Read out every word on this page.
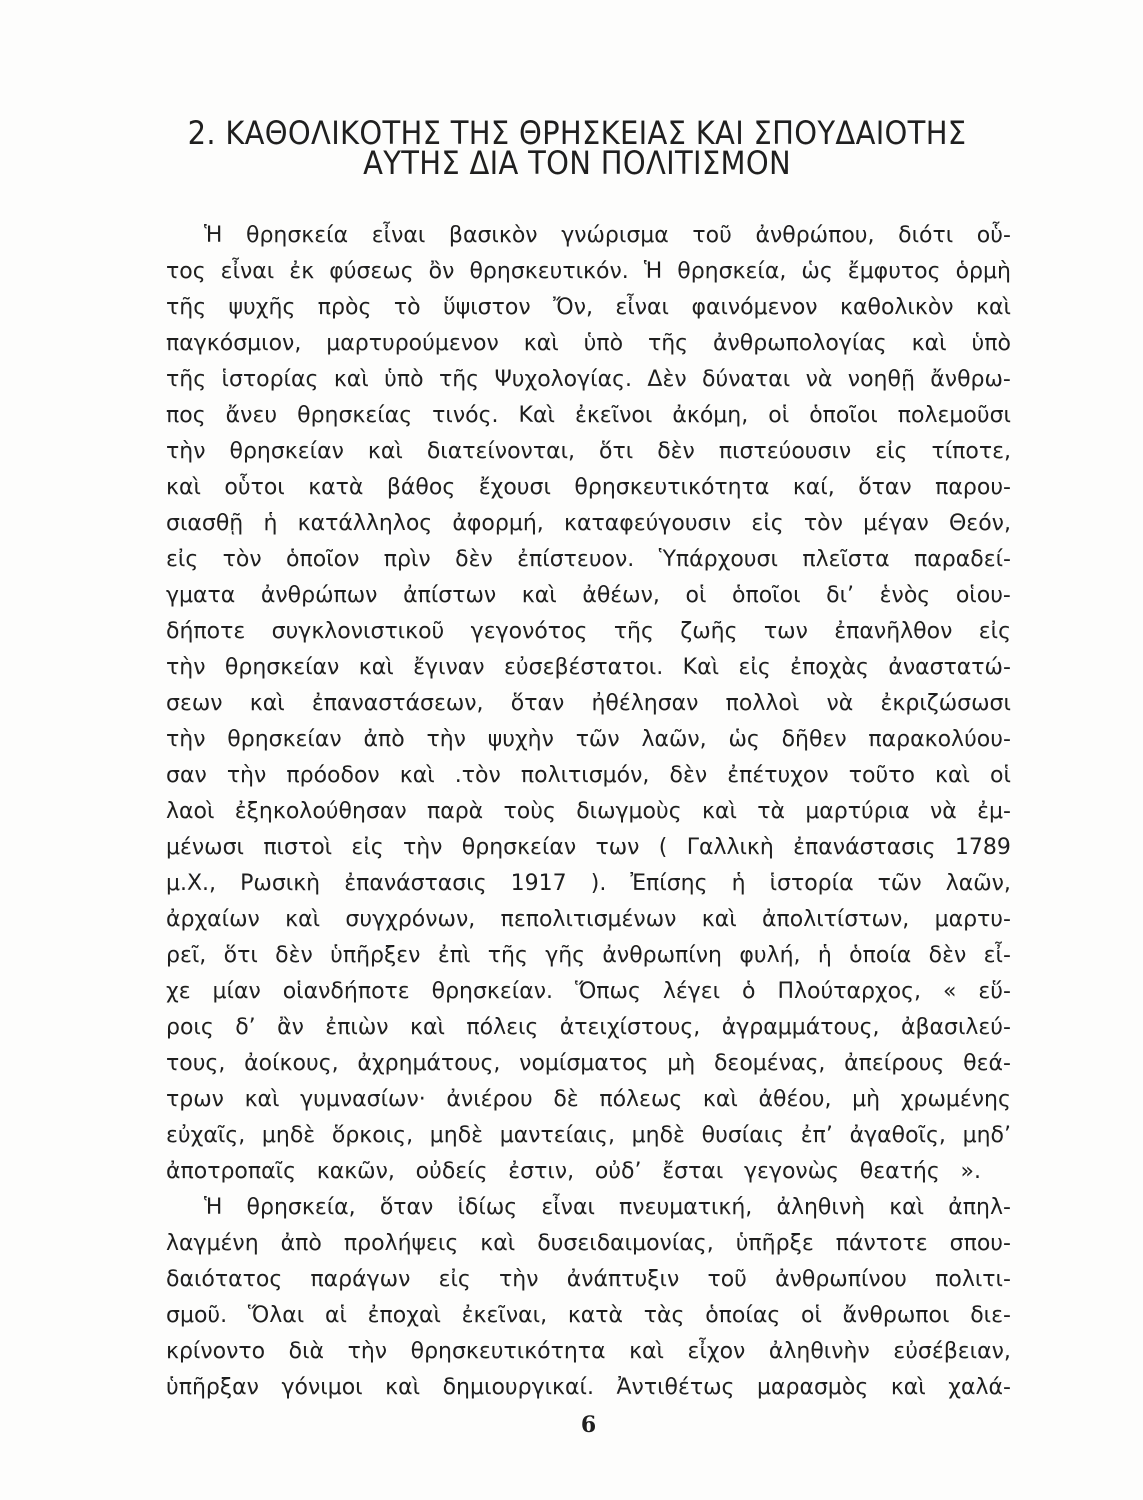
2. ΚΑΘΟΛΙΚΟΤΗΣ ΤΗΣ ΘΡΗΣΚΕΙΑΣ ΚΑΙ ΣΠΟΥΔΑΙΟΤΗΣ
ΑΥΤΗΣ ΔΙΑ ΤΟΝ ΠΟΛΙΤΙΣΜΟΝ
Ἡ θρησκεία εἶναι βασικὸν γνώρισμα τοῦ ἀνθρώπου, διότι οὗ-
τος εἶναι ἐκ φύσεως ὂν θρησκευτικόν. Ἡ θρησκεία, ὡς ἔμφυτος ὁρμὴ
τῆς ψυχῆς πρὸς τὸ ὕψιστον Ὄν, εἶναι φαινόμενον καθολικὸν καὶ
παγκόσμιον, μαρτυρούμενον καὶ ὑπὸ τῆς ἀνθρωπολογίας καὶ ὑπὸ
τῆς ἱστορίας καὶ ὑπὸ τῆς Ψυχολογίας. Δὲν δύναται νὰ νοηθῇ ἄνθρω-
πος ἄνευ θρησκείας τινός. Καὶ ἐκεῖνοι ἀκόμη, οἱ ὁποῖοι πολεμοῦσι
τὴν θρησκείαν καὶ διατείνονται, ὅτι δὲν πιστεύουσιν εἰς τίποτε,
καὶ οὗτοι κατὰ βάθος ἔχουσι θρησκευτικότητα καί, ὅταν παρου-
σιασθῇ ἡ κατάλληλος ἀφορμή, καταφεύγουσιν εἰς τὸν μέγαν Θεόν,
εἰς τὸν ὁποῖον πρὶν δὲν ἐπίστευον. Ὑπάρχουσι πλεῖστα παραδεί-
γματα ἀνθρώπων ἀπίστων καὶ ἀθέων, οἱ ὁποῖοι δι’ ἑνὸς οἱου-
δήποτε συγκλονιστικοῦ γεγονότος τῆς ζωῆς των ἐπανῆλθον εἰς
τὴν θρησκείαν καὶ ἔγιναν εὐσεβέστατοι. Καὶ εἰς ἐποχὰς ἀναστατώ-
σεων καὶ ἐπαναστάσεων, ὅταν ἠθέλησαν πολλοὶ νὰ ἐκριζώσωσι
τὴν θρησκείαν ἀπὸ τὴν ψυχὴν τῶν λαῶν, ὡς δῆθεν παρακολύου-
σαν τὴν πρόοδον καὶ .τὸν πολιτισμόν, δὲν ἐπέτυχον τοῦτο καὶ οἱ
λαοὶ ἐξηκολούθησαν παρὰ τοὺς διωγμοὺς καὶ τὰ μαρτύρια νὰ ἐμ-
μένωσι πιστοὶ εἰς τὴν θρησκείαν των ( Γαλλικὴ ἐπανάστασις 1789
μ.Χ., Ρωσικὴ ἐπανάστασις 1917 ). Ἐπίσης ἡ ἱστορία τῶν λαῶν,
ἀρχαίων καὶ συγχρόνων, πεπολιτισμένων καὶ ἀπολιτίστων, μαρτυ-
ρεῖ, ὅτι δὲν ὑπῆρξεν ἐπὶ τῆς γῆς ἀνθρωπίνη φυλή, ἡ ὁποία δὲν εἶ-
χε μίαν οἱανδήποτε θρησκείαν. Ὅπως λέγει ὁ Πλούταρχος, « εὕ-
ροις δ’ ἂν ἐπιὼν καὶ πόλεις ἀτειχίστους, ἀγραμμάτους, ἀβασιλεύ-
τους, ἀοίκους, ἀχρημάτους, νομίσματος μὴ δεομένας, ἀπείρους θεά-
τρων καὶ γυμνασίων· ἀνιέρου δὲ πόλεως καὶ ἀθέου, μὴ χρωμένης
εὐχαῖς, μηδὲ ὅρκοις, μηδὲ μαντείαις, μηδὲ θυσίαις ἐπ’ ἀγαθοῖς, μηδ’
ἀποτροπαῖς κακῶν, οὐδείς ἐστιν, οὐδ’ ἔσται γεγονὼς θεατής ».
Ἡ θρησκεία, ὅταν ἰδίως εἶναι πνευματική, ἀληθινὴ καὶ ἀπηλ-
λαγμένη ἀπὸ προλήψεις καὶ δυσειδαιμονίας, ὑπῆρξε πάντοτε σπου-
δαιότατος παράγων εἰς τὴν ἀνάπτυξιν τοῦ ἀνθρωπίνου πολιτι-
σμοῦ. Ὅλαι αἱ ἐποχαὶ ἐκεῖναι, κατὰ τὰς ὁποίας οἱ ἄνθρωποι διε-
κρίνοντο διὰ τὴν θρησκευτικότητα καὶ εἶχον ἀληθινὴν εὐσέβειαν,
ὑπῆρξαν γόνιμοι καὶ δημιουργικαί. Ἀντιθέτως μαρασμὸς καὶ χαλά-
6
